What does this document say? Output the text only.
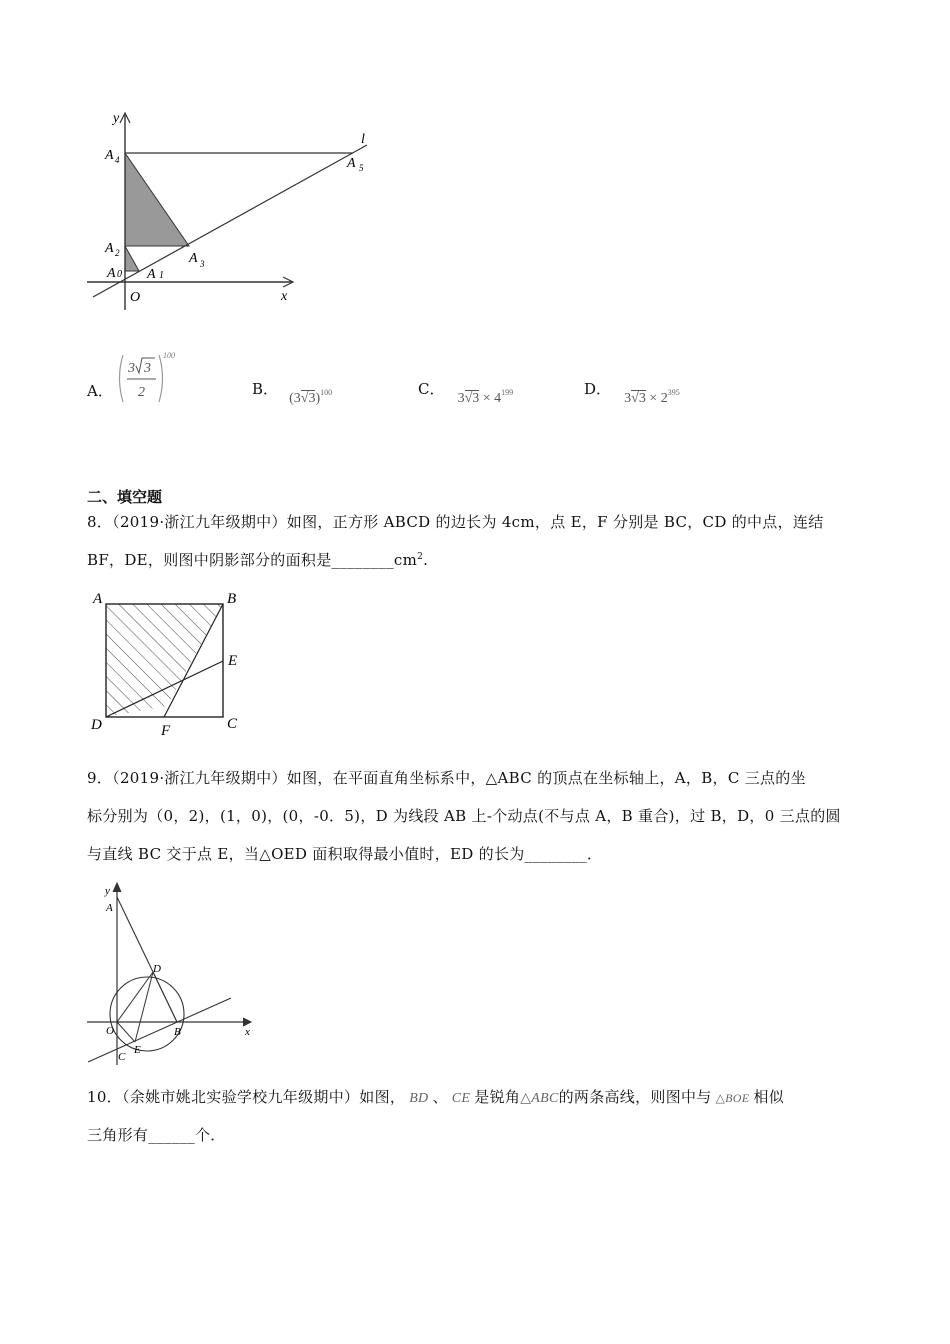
y
x
l
O
A 4	A 5
A 2	A 3
A 0 A 1
A．
3 3
2
100
B． $(3√3)^{100}$	C． $3√3 \times 4^{199}$	D． $3√3 \times 2^{395}$
二、填空题
8．（2019·浙江九年级期中）如图，正方形 ABCD 的边长为 4cm，点 E，F 分别是 BC，CD 的中点，连结
BF，DE，则图中阴影部分的面积是$\_\_\_\_\_\_\_\_cm^2$.
A	B
E
C
D	F
9．（2019·浙江九年级期中）如图，在平面直角坐标系中，△ABC 的顶点在坐标轴上，A，B，C 三点的坐
标分别为（0，2)，(1，0)，(0，-0．5)，D 为线段 AB 上-个动点(不与点 A，B 重合)，过 B，D，0 三点的圆
与直线 BC 交于点 E，当△OED 面积取得最小值时，ED 的长为________．
y
x
A
D
O	B
E
C
10．（余姚市姚北实验学校九年级期中）如图， BD 、 CE 是锐角△ABC的两条高线，则图中与 △BOE 相似
三角形有______个．
